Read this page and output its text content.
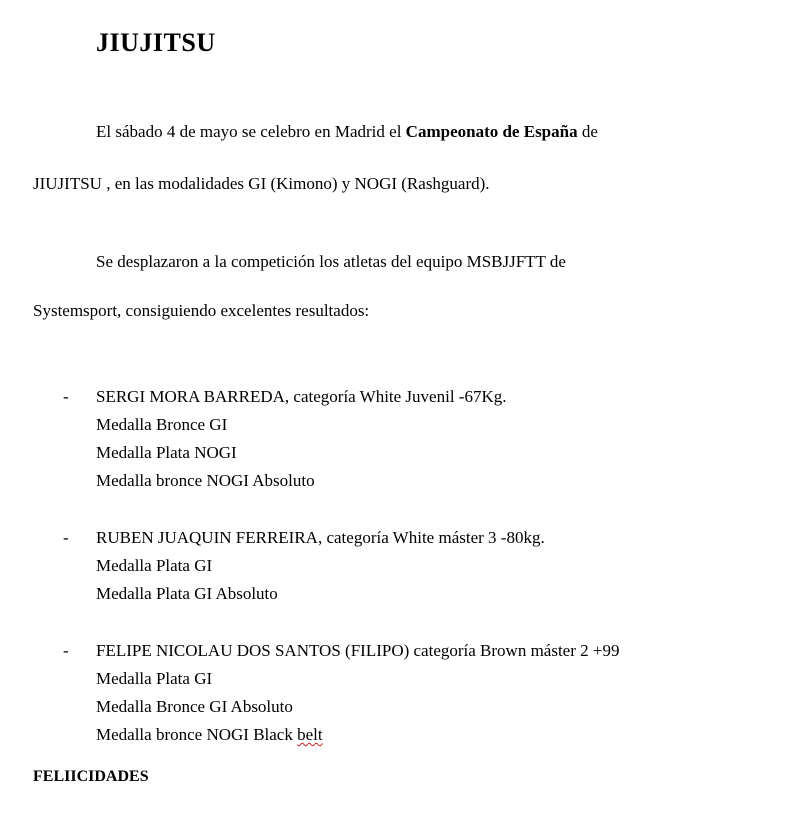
JIUJITSU
El sábado 4 de mayo se celebro en Madrid el Campeonato de España de
JIUJITSU , en las modalidades GI (Kimono) y NOGI (Rashguard).
Se desplazaron a la competición los atletas del equipo MSBJJFTT de
Systemsport, consiguiendo excelentes resultados:
- SERGI MORA BARREDA, categoría White Juvenil -67Kg.
Medalla Bronce GI
Medalla Plata NOGI
Medalla bronce NOGI Absoluto
- RUBEN JUAQUIN FERREIRA, categoría White máster 3 -80kg.
Medalla Plata GI
Medalla Plata GI Absoluto
- FELIPE NICOLAU DOS SANTOS (FILIPO) categoría Brown máster 2 +99
Medalla Plata GI
Medalla Bronce GI Absoluto
Medalla bronce NOGI Black belt
FELIICIDADES
